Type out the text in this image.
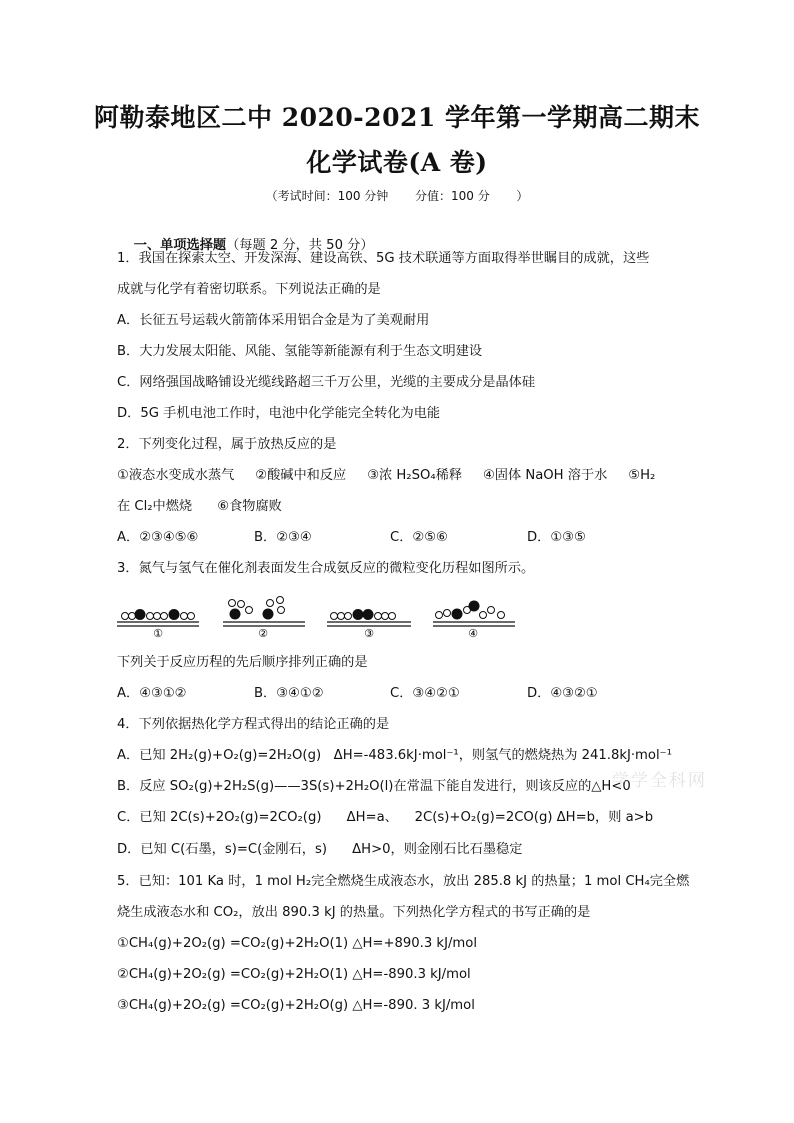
阿勒泰地区二中 2020-2021 学年第一学期高二期末
化学试卷(A 卷)
（考试时间：100 分钟       分值：100 分       ）

一、单项选择题（每题 2 分，共 50 分）

1．我国在探索太空、开发深海、建设高铁、5G 技术联通等方面取得举世瞩目的成就，这些
成就与化学有着密切联系。下列说法正确的是
A．长征五号运载火箭箭体采用铝合金是为了美观耐用
B．大力发展太阳能、风能、氢能等新能源有利于生态文明建设
C．网络强国战略铺设光缆线路超三千万公里，光缆的主要成分是晶体硅
D．5G 手机电池工作时，电池中化学能完全转化为电能
2．下列变化过程，属于放热反应的是
①液态水变成水蒸气     ②酸碱中和反应     ③浓 H₂SO₄稀释     ④固体 NaOH 溶于水     ⑤H₂
在 Cl₂中燃烧      ⑥食物腐败
A．②③④⑤⑥	B．②③④	C．②⑤⑥	D．①③⑤
3．氮气与氢气在催化剂表面发生合成氨反应的微粒变化历程如图所示。
①	②	③	④
下列关于反应历程的先后顺序排列正确的是
A．④③①②	B．③④①②	C．③④②①	D．④③②①
4．下列依据热化学方程式得出的结论正确的是
A．已知 2H₂(g)+O₂(g)=2H₂O(g)   ΔH=-483.6kJ·mol⁻¹，则氢气的燃烧热为 241.8kJ·mol⁻¹
B．反应 SO₂(g)+2H₂S(g)——3S(s)+2H₂O(l)在常温下能自发进行，则该反应的△H<0
C．已知 2C(s)+2O₂(g)=2CO₂(g)      ΔH=a、    2C(s)+O₂(g)=2CO(g) ΔH=b，则 a>b
D．已知 C(石墨，s)=C(金刚石，s)      ΔH>0，则金刚石比石墨稳定
5．已知：101 Ka 时，1 mol H₂完全燃烧生成液态水，放出 285.8 kJ 的热量；1 mol CH₄完全燃
烧生成液态水和 CO₂，放出 890.3 kJ 的热量。下列热化学方程式的书写正确的是
①CH₄(g)+2O₂(g) =CO₂(g)+2H₂O(1) △H=+890.3 kJ/mol
②CH₄(g)+2O₂(g) =CO₂(g)+2H₂O(1) △H=-890.3 kJ/mol
③CH₄(g)+2O₂(g) =CO₂(g)+2H₂O(g) △H=-890. 3 kJ/mol
学学全科网
